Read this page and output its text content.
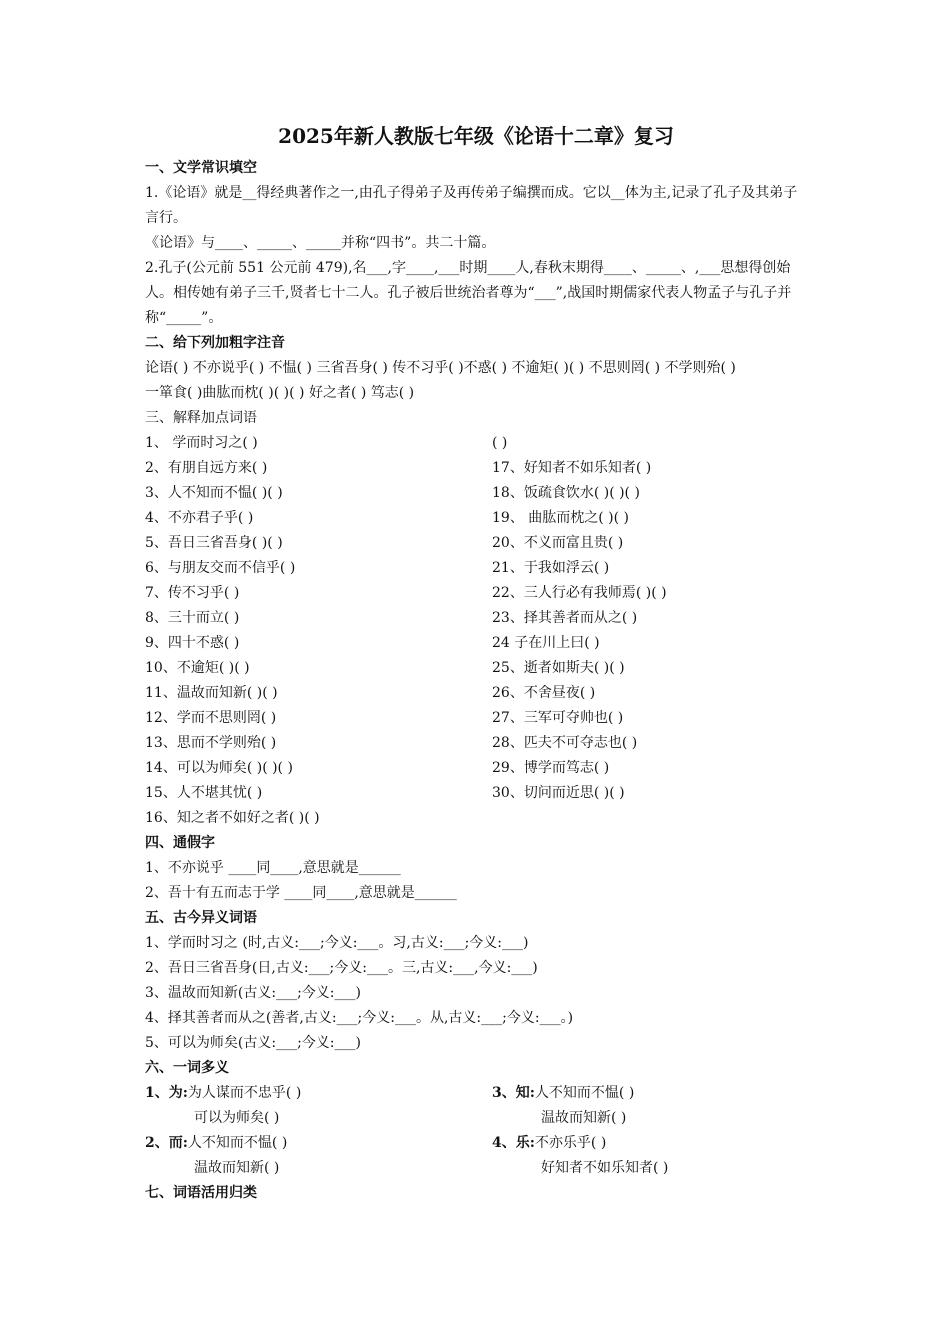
2025年新人教版七年级《论语十二章》复习
一、文学常识填空
1.《论语》就是__得经典著作之一,由孔子得弟子及再传弟子编撰而成。它以__体为主,记录了孔子及其弟子言行。
《论语》与____、_____、_____并称“四书”。共二十篇。
2.孔子(公元前 551 公元前 479),名___,字____,___时期____人,春秋末期得____、_____、,___思想得创始人。相传她有弟子三千,贤者七十二人。孔子被后世统治者尊为“___”,战国时期儒家代表人物孟子与孔子并称“_____”。
二、给下列加粗字注音
论语( ) 不亦说乎( ) 不愠( ) 三省吾身( ) 传不习乎( )不惑( ) 不逾矩( )( ) 不思则罔( ) 不学则殆( )
一箪食( )曲肱而枕( )( )( ) 好之者( ) 笃志( )
三、解释加点词语
1、 学而时习之( )
2、有朋自远方来( )
3、人不知而不愠( )( )
4、不亦君子乎( )
5、吾日三省吾身( )( )
6、与朋友交而不信乎( )
7、传不习乎( )
8、三十而立( )
9、四十不惑( )
10、不逾矩( )( )
11、温故而知新( )( )
12、学而不思则罔( )
13、思而不学则殆( )
14、可以为师矣( )( )( )
15、人不堪其忧( )
16、知之者不如好之者( )( )
( )
17、好知者不如乐知者( )
18、饭疏食饮水( )( )( )
19、 曲肱而枕之( )( )
20、不义而富且贵( )
21、于我如浮云( )
22、三人行必有我师焉( )( )
23、择其善者而从之( )
24 子在川上曰( )
25、逝者如斯夫( )( )
26、不舍昼夜( )
27、三军可夺帅也( )
28、匹夫不可夺志也( )
29、博学而笃志( )
30、切问而近思( )( )
四、通假字
1、不亦说乎 ____同____,意思就是______
2、吾十有五而志于学 ____同____,意思就是______
五、古今异义词语
1、学而时习之 (时,古义:___;今义:___。习,古义:___;今义:___)
2、吾日三省吾身(日,古义:___;今义:___。三,古义:___,今义:___)
3、温故而知新(古义:___;今义:___)
4、择其善者而从之(善者,古义:___;今义:___。从,古义:___;今义:___。)
5、可以为师矣(古义:___;今义:___)
六、一词多义
1、为:为人谋而不忠乎( )
可以为师矣( )
3、知:人不知而不愠( )
温故而知新( )
2、而:人不知而不愠( )
温故而知新( )
4、乐:不亦乐乎( )
好知者不如乐知者( )
七、词语活用归类
